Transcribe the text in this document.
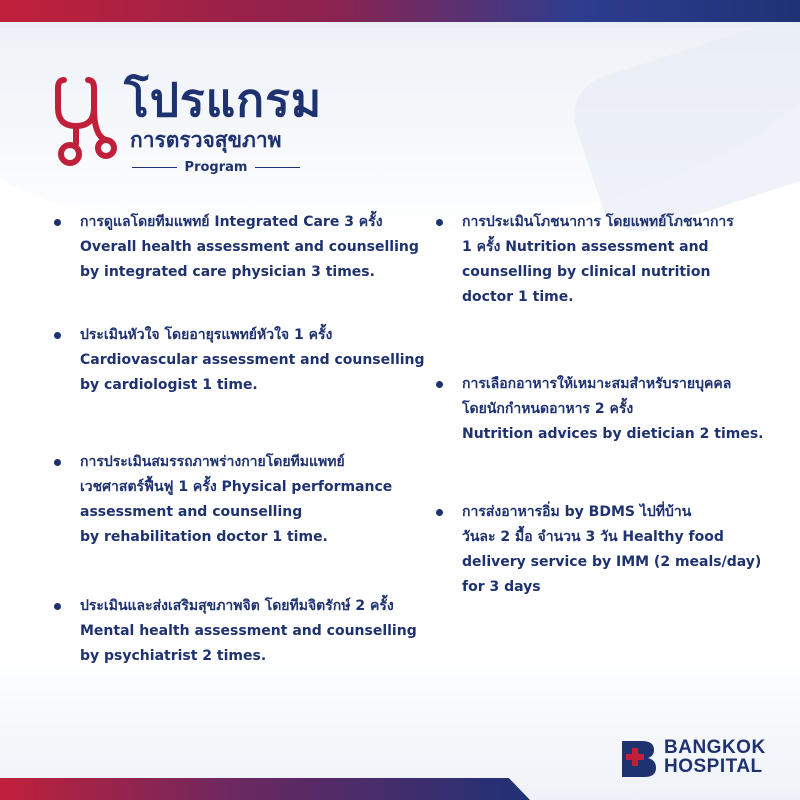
โปรแกรม
การตรวจสุขภาพ
Program
การดูแลโดยทีมแพทย์ Integrated Care 3 ครั้ง
Overall health assessment and counselling
by integrated care physician 3 times.
ประเมินหัวใจ โดยอายุรแพทย์หัวใจ 1 ครั้ง
Cardiovascular assessment and counselling
by cardiologist 1 time.
การประเมินสมรรถภาพร่างกายโดยทีมแพทย์
เวชศาสตร์ฟื้นฟู 1 ครั้ง Physical performance
assessment and counselling
by rehabilitation doctor 1 time.
ประเมินและส่งเสริมสุขภาพจิต โดยทีมจิตรักษ์ 2 ครั้ง
Mental health assessment and counselling
by psychiatrist 2 times.
การประเมินโภชนาการ โดยแพทย์โภชนาการ
1 ครั้ง Nutrition assessment and
counselling by clinical nutrition
doctor 1 time.
การเลือกอาหารให้เหมาะสมสำหรับรายบุคคล
โดยนักกำหนดอาหาร 2 ครั้ง
Nutrition advices by dietician 2 times.
การส่งอาหารอิ่ม by BDMS ไปที่บ้าน
วันละ 2 มื้อ จำนวน 3 วัน Healthy food
delivery service by IMM (2 meals/day)
for 3 days
BANGKOK
HOSPITAL
